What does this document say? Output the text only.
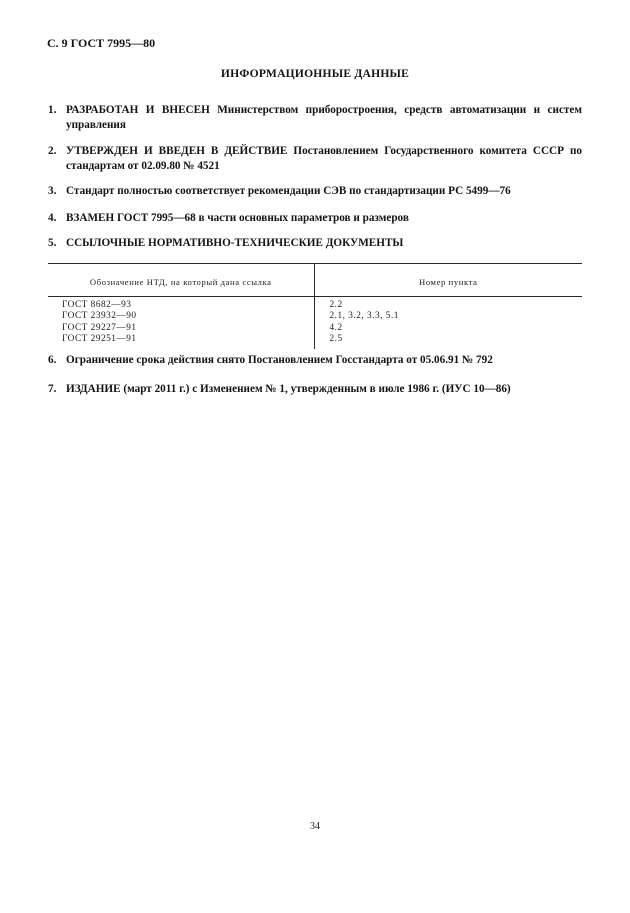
С. 9 ГОСТ 7995—80
ИНФОРМАЦИОННЫЕ ДАННЫЕ
1. РАЗРАБОТАН И ВНЕСЕН Министерством приборостроения, средств автоматизации и систем
управления
2. УТВЕРЖДЕН И ВВЕДЕН В ДЕЙСТВИЕ Постановлением Государственного комитета СССР по
стандартам от 02.09.80 № 4521
3. Стандарт полностью соответствует рекомендации СЭВ по стандартизации РС 5499—76
4. ВЗАМЕН ГОСТ 7995—68 в части основных параметров и размеров
5. ССЫЛОЧНЫЕ НОРМАТИВНО-ТЕХНИЧЕСКИЕ ДОКУМЕНТЫ
Обозначение НТД, на который дана ссылка	Номер пункта
ГОСТ 8682—93	2.2
ГОСТ 23932—90	2.1, 3.2, 3.3, 5.1
ГОСТ 29227—91	4.2
ГОСТ 29251—91	2.5
6. Ограничение срока действия снято Постановлением Госстандарта от 05.06.91 № 792
7. ИЗДАНИЕ (март 2011 г.) с Изменением № 1, утвержденным в июле 1986 г. (ИУС 10—86)
34
